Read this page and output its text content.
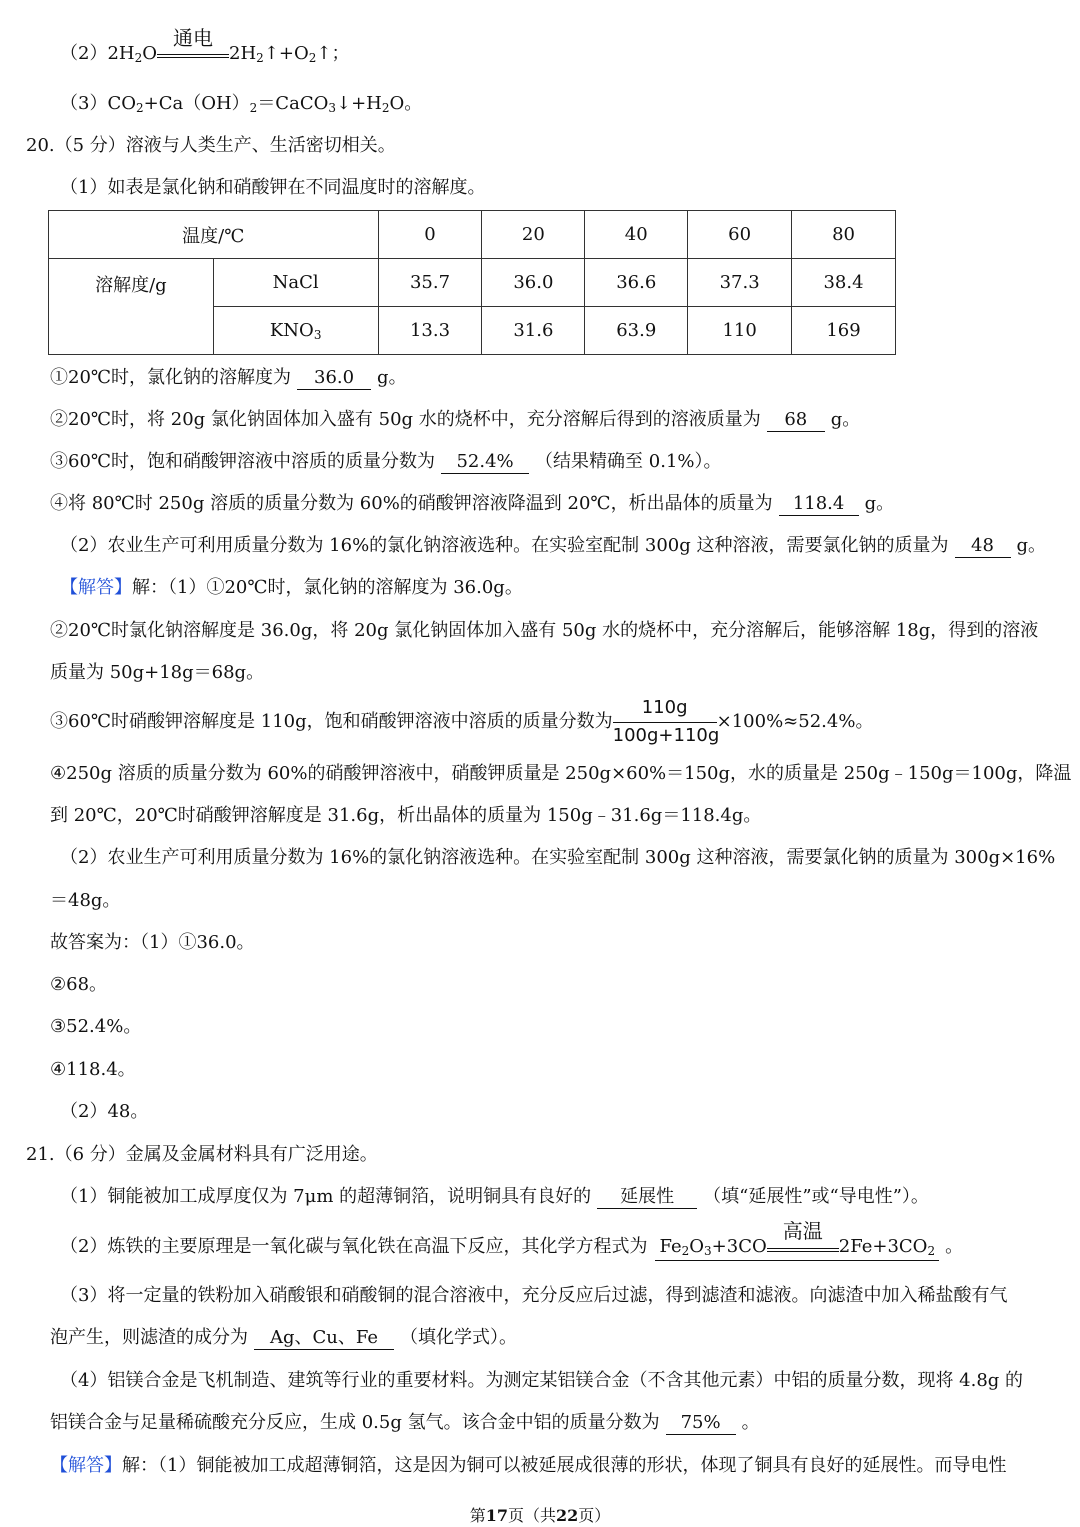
$(2)2H_2O$
通电
$2H_2↑+O_2↑$；
$(3)CO_2+Ca(OH)_2=CaCO_3↓+H_2O$。
20.（5 分）溶液与人类生产、生活密切相关。
（1）如表是氯化钠和硝酸钾在不同温度时的溶解度。
温度/℃		0	20	40	60	80
溶解度/g	NaCl	35.7	36.0	36.6	37.3	38.4
	$KNO_3$	13.3	31.6	63.9	110	169
①20℃时，氯化钠的溶解度为 36.0 g。
②20℃时，将 20g 氯化钠固体加入盛有 50g 水的烧杯中，充分溶解后得到的溶液质量为 68 g。
③60℃时，饱和硝酸钾溶液中溶质的质量分数为 52.4% （结果精确至 0.1%）。
④将 80℃时 250g 溶质的质量分数为 60%的硝酸钾溶液降温到 20℃，析出晶体的质量为 118.4 g。
（2）农业生产可利用质量分数为 16%的氯化钠溶液选种。在实验室配制 300g 这种溶液，需要氯化钠的质量为 48 g。
【解答】解：（1）①20℃时，氯化钠的溶解度为 36.0g。
②20℃时氯化钠溶解度是 36.0g，将 20g 氯化钠固体加入盛有 50g 水的烧杯中，充分溶解后，能够溶解 18g，得到的溶液
质量为 50g+18g＝68g。
③60℃时硝酸钾溶解度是 110g，饱和硝酸钾溶液中溶质的质量分数为 $\frac{110g}{100g+110g} \times 100\%\approx 52.4\%$。
④250g 溶质的质量分数为 60%的硝酸钾溶液中，硝酸钾质量是 250g×60%＝150g，水的质量是 250g﹣150g＝100g，降温
到 20℃，20℃时硝酸钾溶解度是 31.6g，析出晶体的质量为 150g﹣31.6g＝118.4g。
（2）农业生产可利用质量分数为 16%的氯化钠溶液选种。在实验室配制 300g 这种溶液，需要氯化钠的质量为 300g×16%
＝48g。
故答案为：（1）①36.0。
②68。
③52.4%。
④118.4。
（2）48。
21.（6 分）金属及金属材料具有广泛用途。
（1）铜能被加工成厚度仅为 7μm 的超薄铜箔，说明铜具有良好的 延展性 （填“延展性”或“导电性”）。
（2）炼铁的主要原理是一氧化碳与氧化铁在高温下反应，其化学方程式为 $Fe_2O_3+3CO$
高温
$2Fe+3CO_2$ 。
（3）将一定量的铁粉加入硝酸银和硝酸铜的混合溶液中，充分反应后过滤，得到滤渣和滤液。向滤渣中加入稀盐酸有气
泡产生，则滤渣的成分为 Ag、Cu、Fe （填化学式）。
（4）铝镁合金是飞机制造、建筑等行业的重要材料。为测定某铝镁合金（不含其他元素）中铝的质量分数，现将 4.8g 的
铝镁合金与足量稀硫酸充分反应，生成 0.5g 氢气。该合金中铝的质量分数为 75% 。
【解答】解：（1）铜能被加工成超薄铜箔，这是因为铜可以被延展成很薄的形状，体现了铜具有良好的延展性。而导电性
第17页（共22页）
